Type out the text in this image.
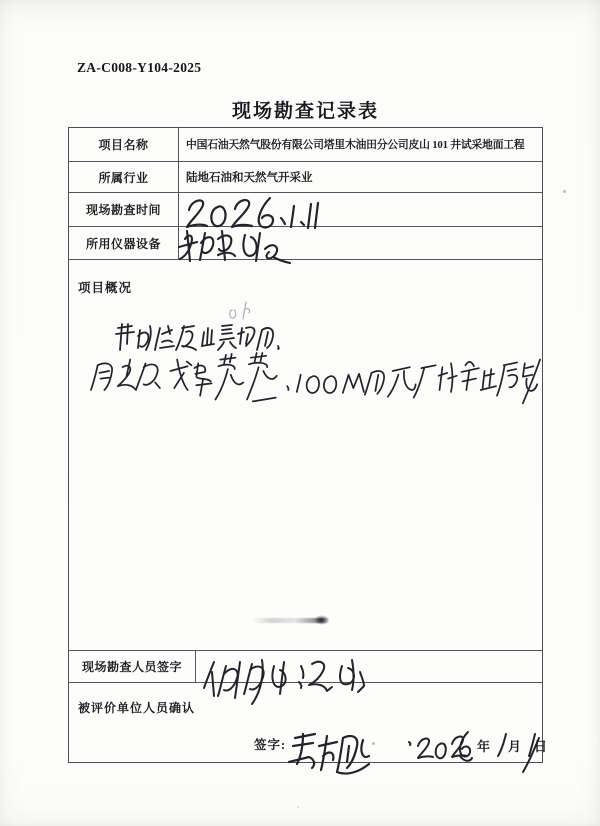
ZA-C008-Y104-2025
现场勘查记录表
项目名称	中国石油天然气股份有限公司塔里木油田分公司皮山 101 井试采地面工程
所属行业	陆地石油和天然气开采业
现场勘查时间
所用仪器设备
项目概况
现场勘查人员签字
被评价单位人员确认
签字:	年 月 日
